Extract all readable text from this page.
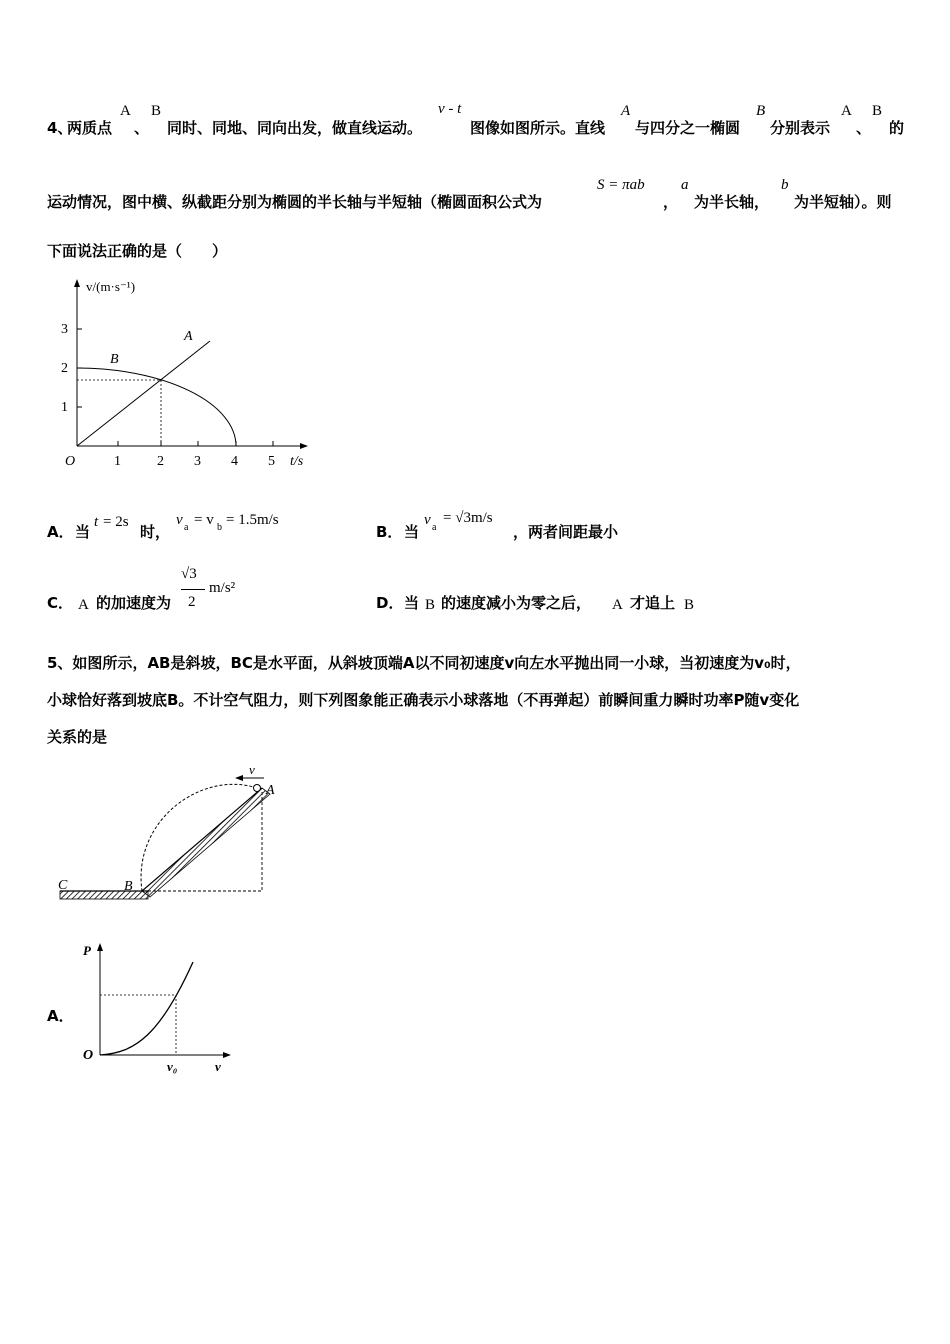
4、
两质点
A
、
B
同时、同地、同向出发，做直线运动。
v - t
图像如图所示。直线
A
与四分之一椭圆
B
分别表示
A
、
B
的
运动情况，图中横、纵截距分别为椭圆的半长轴与半短轴（椭圆面积公式为
S = πab
，
a
为半长轴，
b
为半短轴）。则
下面说法正确的是（　　）
3
2
1
1	2 3 4 5
O	t/s
v/(m·s⁻¹)
A
B
A． 当
t = 2s
时，
v a = v b = 1.5m/s
B． 当
v a
= √3m/s
，两者间距最小
C． A 的加速度为
√3
2
m/s²
D． 当 B 的速度减小为零之后， A 才追上 B
5、如图所示，AB是斜坡，BC是水平面，从斜坡顶端A以不同初速度v向左水平抛出同一小球，当初速度为v₀时，
小球恰好落到坡底B。不计空气阻力，则下列图象能正确表示小球落地（不再弹起）前瞬间重力瞬时功率P随v变化
关系的是
v
A
B
C
A．
P
O
v₀	v
